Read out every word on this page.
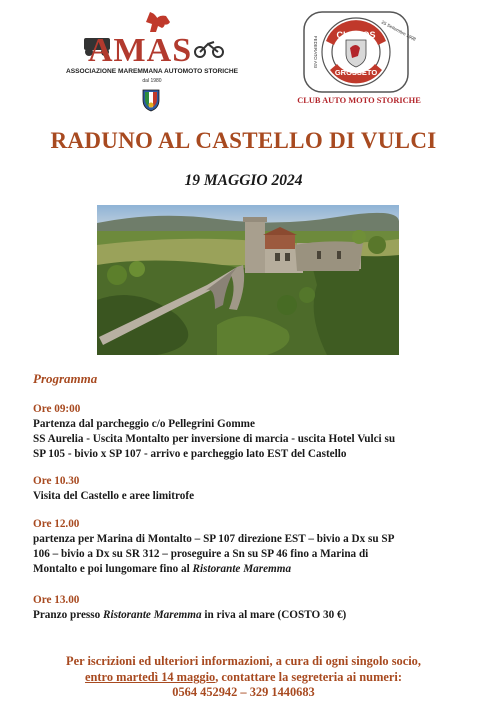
AMAS
ASSOCIAZIONE MAREMMANA AUTOMOTO STORICHE
dal 1980
CLAMOS
GROSSETO
FEDERATO ASI
25 Settembre 1998
CLUB AUTO MOTO STORICHE
RADUNO AL CASTELLO DI VULCI
19 MAGGIO 2024
Programma
Ore 09:00
Partenza dal parcheggio c/o Pellegrini Gomme
SS Aurelia - Uscita Montalto per inversione di marcia - uscita Hotel Vulci su
SP 105 - bivio x SP 107 - arrivo e parcheggio lato EST del Castello
Ore 10.30
Visita del Castello e aree limitrofe
Ore 12.00
partenza per Marina di Montalto – SP 107 direzione EST – bivio a Dx su SP
106 – bivio a Dx su SR 312 – proseguire a Sn su SP 46 fino a Marina di
Montalto e poi lungomare fino al Ristorante Maremma
Ore 13.00
Pranzo presso Ristorante Maremma in riva al mare (COSTO 30 €)
Per iscrizioni ed ulteriori informazioni, a cura di ogni singolo socio,
entro martedì 14 maggio, contattare la segreteria ai numeri:
0564 452942 – 329 1440683
